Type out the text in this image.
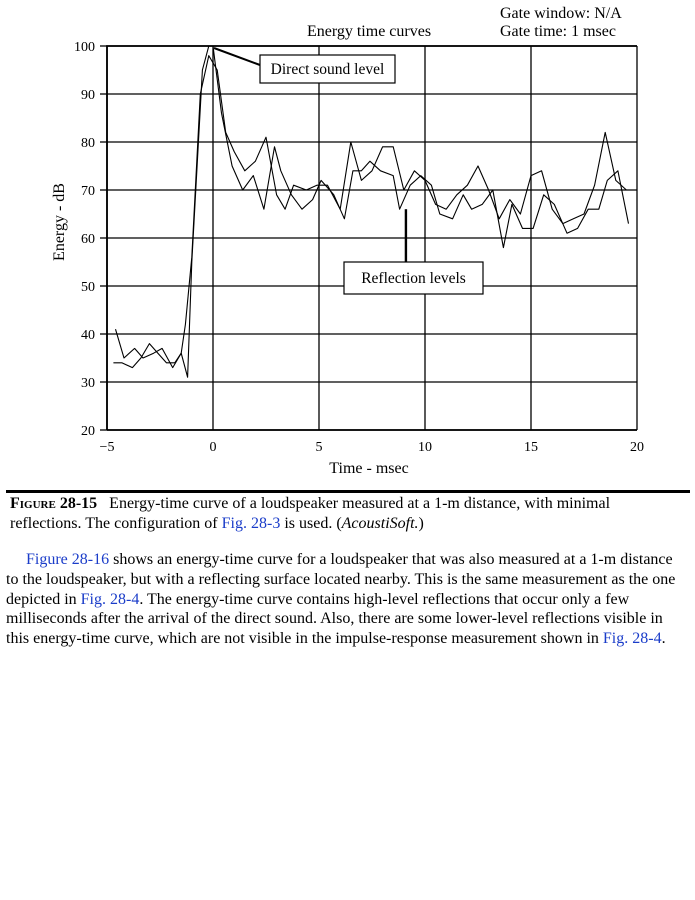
20
30
40
50
60
70
80
90
100
−5	0	5	10	15	20
Direct sound level
Reflection levels
Energy time curves
Gate window: N/A
Gate time: 1 msec
Time - msec
Energy - dB
Figure 28-15 Energy-time curve of a loudspeaker measured at a 1-m distance, with minimal reflections. The configuration of Fig. 28-3 is used. (AcoustiSoft.)

Figure 28-16 shows an energy-time curve for a loudspeaker that was also measured at a 1-m distance to the loudspeaker, but with a reflecting surface located nearby. This is the same measurement as the one depicted in Fig. 28-4. The energy-time curve contains high-level reflections that occur only a few milliseconds after the arrival of the direct sound. Also, there are some lower-level reflections visible in this energy-time curve, which are not visible in the impulse-response measurement shown in Fig. 28-4.
